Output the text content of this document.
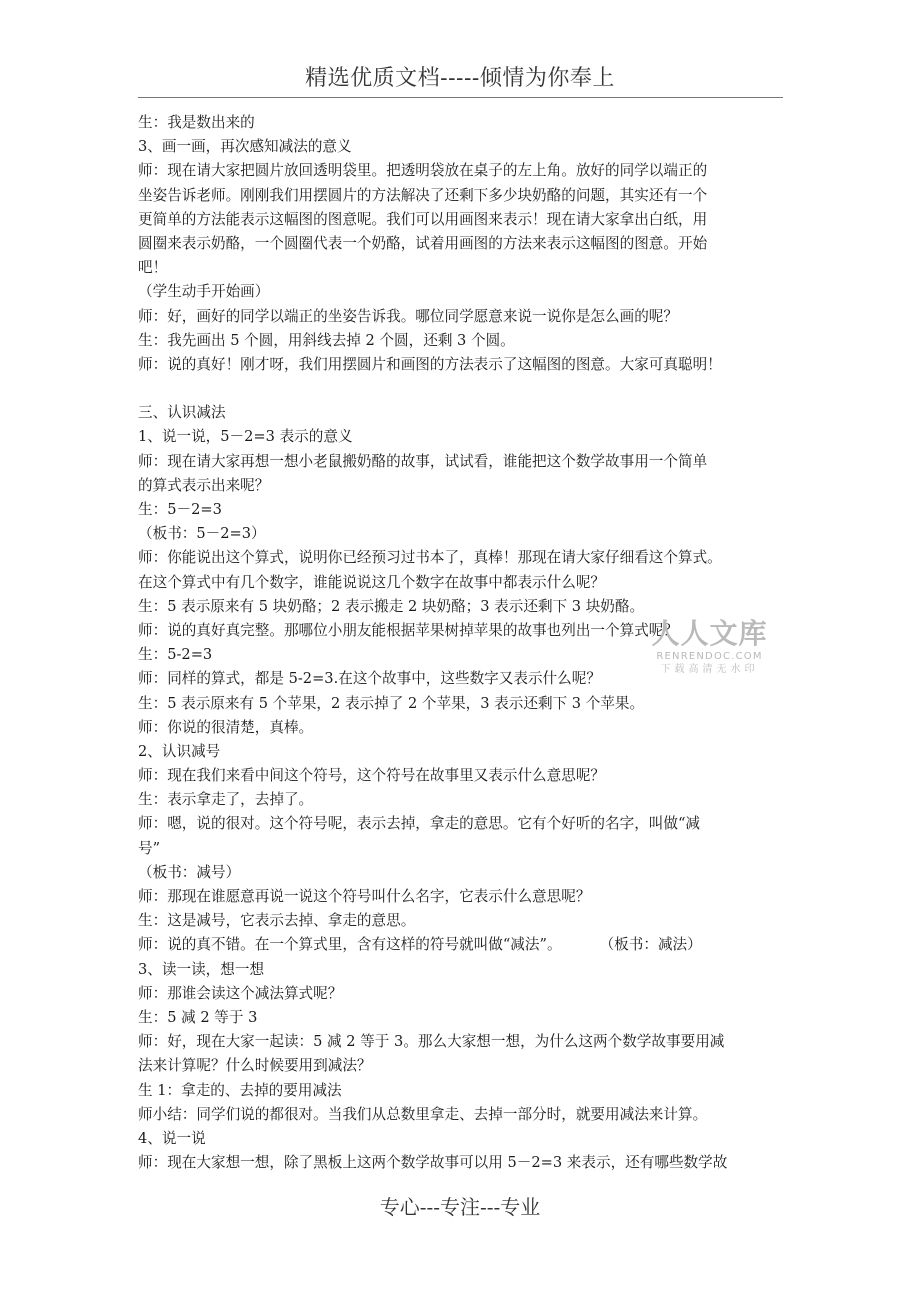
精选优质文档-----倾情为你奉上
生：我是数出来的
3、画一画，再次感知减法的意义
师：现在请大家把圆片放回透明袋里。把透明袋放在桌子的左上角。放好的同学以端正的
坐姿告诉老师。刚刚我们用摆圆片的方法解决了还剩下多少块奶酪的问题，其实还有一个
更简单的方法能表示这幅图的图意呢。我们可以用画图来表示！现在请大家拿出白纸，用
圆圈来表示奶酪，一个圆圈代表一个奶酪，试着用画图的方法来表示这幅图的图意。开始
吧！
（学生动手开始画）
师：好，画好的同学以端正的坐姿告诉我。哪位同学愿意来说一说你是怎么画的呢？
生：我先画出 5 个圆，用斜线去掉 2 个圆，还剩 3 个圆。
师：说的真好！刚才呀，我们用摆圆片和画图的方法表示了这幅图的图意。大家可真聪明！
三、认识减法
1、说一说，5－2=3 表示的意义
师：现在请大家再想一想小老鼠搬奶酪的故事，试试看，谁能把这个数学故事用一个简单
的算式表示出来呢？
生：5－2=3
（板书：5－2=3）
师：你能说出这个算式，说明你已经预习过书本了，真棒！那现在请大家仔细看这个算式。
在这个算式中有几个数字，谁能说说这几个数字在故事中都表示什么呢？
生：5 表示原来有 5 块奶酪；2 表示搬走 2 块奶酪；3 表示还剩下 3 块奶酪。
师：说的真好真完整。那哪位小朋友能根据苹果树掉苹果的故事也列出一个算式呢？
生：5-2=3
师：同样的算式，都是 5-2=3.在这个故事中，这些数字又表示什么呢？
生：5 表示原来有 5 个苹果，2 表示掉了 2 个苹果，3 表示还剩下 3 个苹果。
师：你说的很清楚，真棒。
2、认识减号
师：现在我们来看中间这个符号，这个符号在故事里又表示什么意思呢？
生：表示拿走了，去掉了。
师：嗯，说的很对。这个符号呢，表示去掉，拿走的意思。它有个好听的名字，叫做“减
号”
（板书：减号）
师：那现在谁愿意再说一说这个符号叫什么名字，它表示什么意思呢？
生：这是减号，它表示去掉、拿走的意思。
师：说的真不错。在一个算式里，含有这样的符号就叫做“减法”。	（板书：减法）
3、读一读，想一想
师：那谁会读这个减法算式呢？
生：5 减 2 等于 3
师：好，现在大家一起读：5 减 2 等于 3。那么大家想一想，为什么这两个数学故事要用减
法来计算呢？什么时候要用到减法？
生 1：拿走的、去掉的要用减法
师小结：同学们说的都很对。当我们从总数里拿走、去掉一部分时，就要用减法来计算。
4、说一说
师：现在大家想一想，除了黑板上这两个数学故事可以用 5－2=3 来表示，还有哪些数学故
人人文库
RENRENDOC.COM
下载高清无水印
专心---专注---专业
